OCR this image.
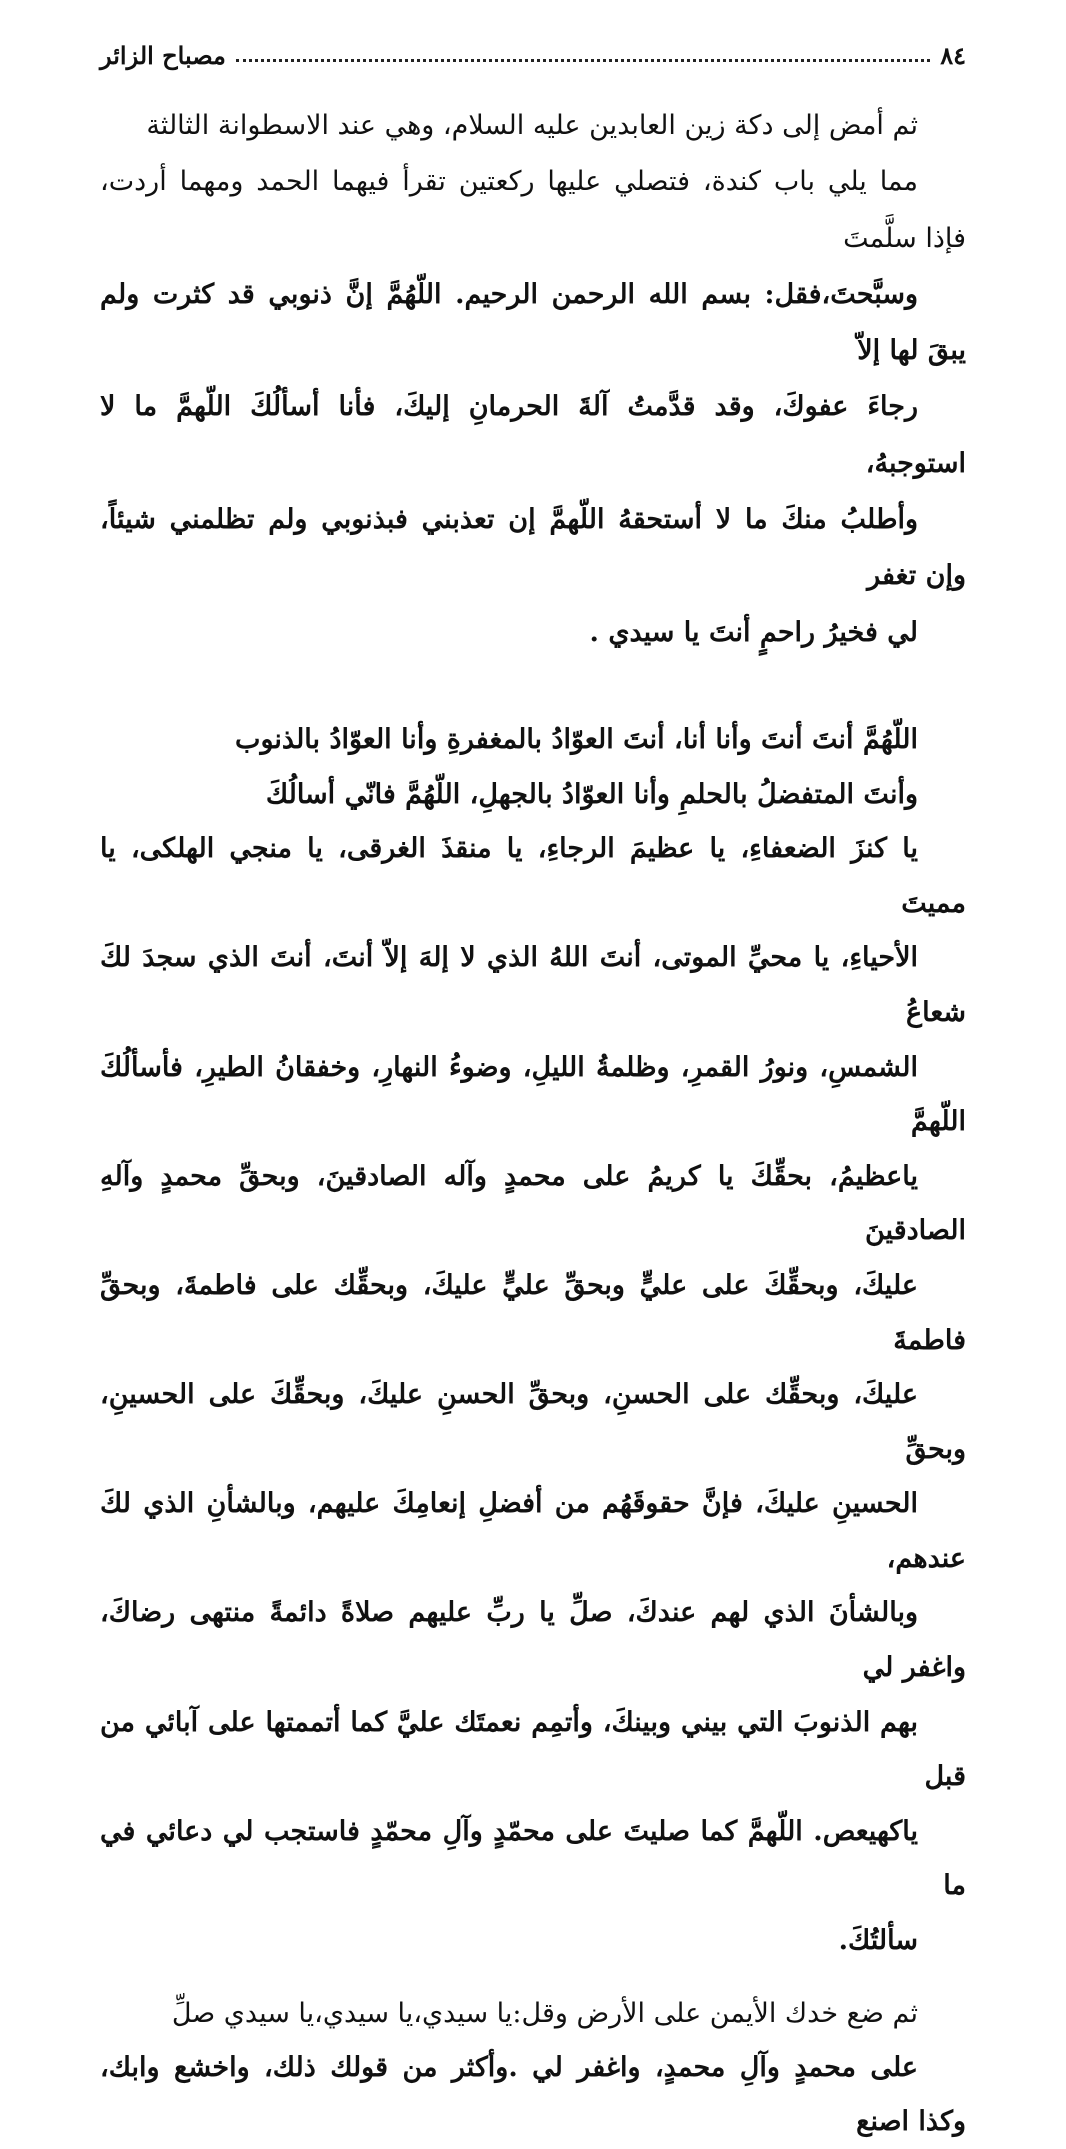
٨٤
مصباح الزائر

ثم أمض إلى دكة زين العابدين عليه السلام، وهي عند الاسطوانة الثالثة
مما يلي باب كندة، فتصلي عليها ركعتين تقرأ فيهما الحمد ومهما أردت، فإذا سلَّمتَ
وسبَّحتَ،فقل: بسم الله الرحمن الرحيم. اللّهُمَّ إنَّ ذنوبي قد كثرت ولم يبقَ لها إلاّ
رجاءَ عفوكَ، وقد قدَّمتُ آلةَ الحرمانِ إليكَ، فأنا أسألُكَ اللّهمَّ ما لا استوجبهُ،
وأطلبُ منكَ ما لا أستحقهُ اللّهمَّ إن تعذبني فبذنوبي ولم تظلمني شيئاً، وإن تغفر
لي فخيرُ راحمٍ أنتَ يا سيدي .

اللّهُمَّ أنتَ أنتَ وأنا أنا، أنتَ العوّادُ بالمغفرةِ وأنا العوّادُ بالذنوب
وأنتَ المتفضلُ بالحلمِ وأنا العوّادُ بالجهلِ، اللّهُمَّ فانّي أسالُكَ
يا كنزَ الضعفاءِ، يا عظيمَ الرجاءِ، يا منقذَ الغرقى، يا منجي الهلكى، يا مميتَ
الأحياءِ، يا محيِّ الموتى، أنتَ اللهُ الذي لا إلهَ إلاّ أنتَ، أنتَ الذي سجدَ لكَ شعاعُ
الشمسِ، ونورُ القمرِ، وظلمةُ الليلِ، وضوءُ النهارِ، وخفقانُ الطيرِ، فأسألُكَ اللّهمَّ
ياعظيمُ، بحقِّكَ يا كريمُ على محمدٍ وآله الصادقينَ، وبحقِّ محمدٍ وآلهِ الصادقينَ
عليكَ، وبحقِّكَ على عليٍّ وبحقِّ عليٍّ عليكَ، وبحقِّك على فاطمةَ، وبحقِّ فاطمةَ
عليكَ، وبحقِّك على الحسنِ، وبحقِّ الحسنِ عليكَ، وبحقِّكَ على الحسينِ، وبحقِّ
الحسينِ عليكَ، فإنَّ حقوقَهُم من أفضلِ إنعامِكَ عليهم، وبالشأنِ الذي لكَ عندهم،
وبالشأنَ الذي لهم عندكَ، صلِّ يا ربِّ عليهم صلاةً دائمةً منتهى رضاكَ، واغفر لي
بهم الذنوبَ التي بيني وبينكَ، وأتمِم نعمتَك عليَّ كما أتممتها على آبائي من قبل
ياكهيعص. اللّهمَّ كما صليتَ على محمّدٍ وآلِ محمّدٍ فاستجب لي دعائي في ما
سألتُكَ.

ثم ضع خدك الأيمن على الأرض وقل:يا سيدي،يا سيدي،يا سيدي صلِّ
على محمدٍ وآلِ محمدٍ، واغفر لي .وأكثر من قولك ذلك، واخشع وابك، وكذا اصنع
